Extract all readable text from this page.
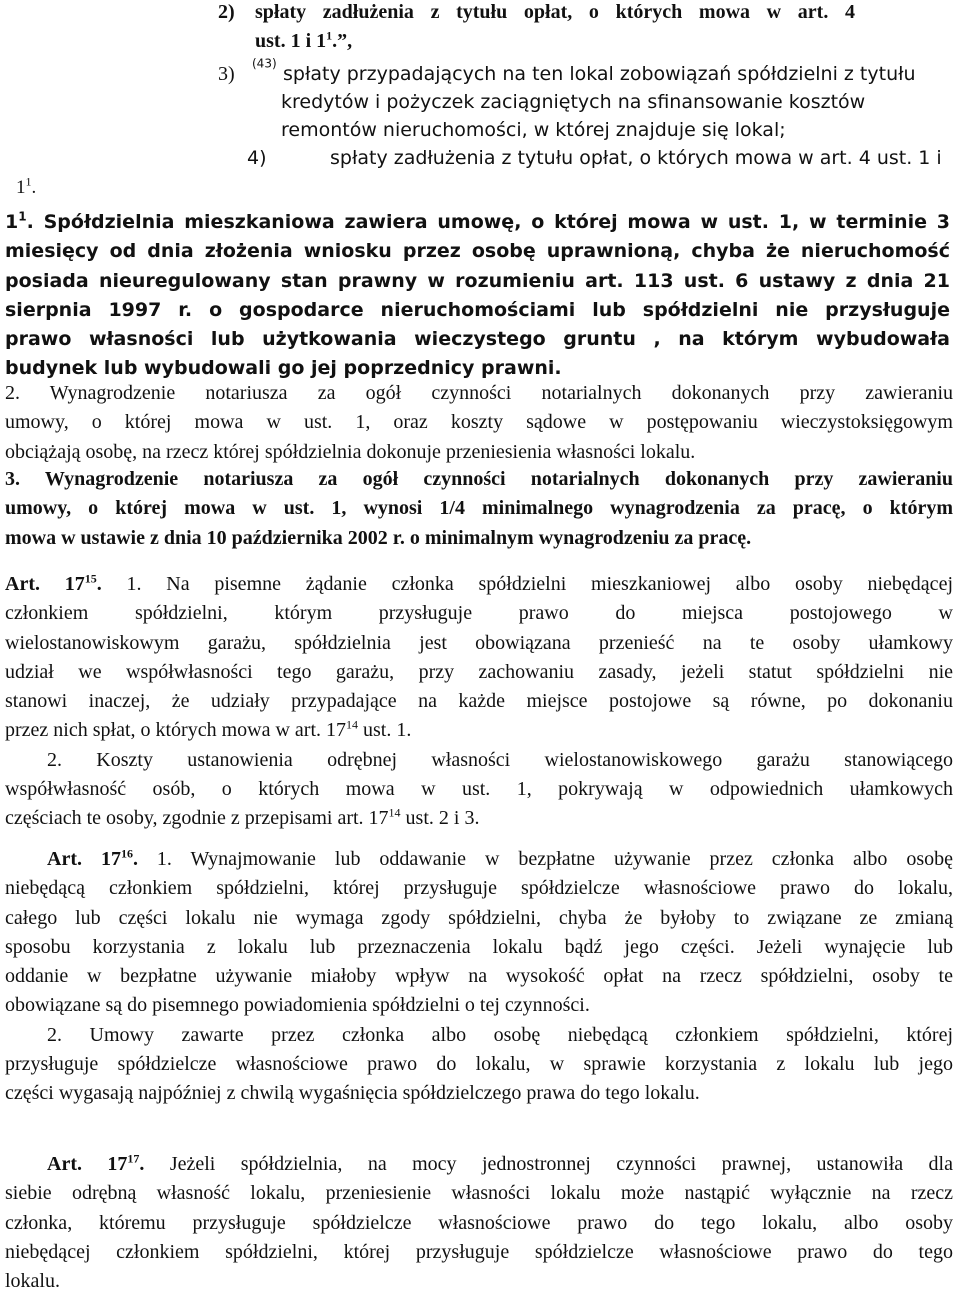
2) spłaty zadłużenia z tytułu opłat, o których mowa w art. 4
ust. 1 i $1^1$.”,
3) $^{(43)}$ spłaty przypadających na ten lokal zobowiązań spółdzielni z tytułu
kredytów i pożyczek zaciągniętych na sfinansowanie kosztów
remontów nieruchomości, w której znajduje się lokal;
4)	spłaty zadłużenia z tytułu opłat, o których mowa w art. 4 ust. 1 i
$1^1$.
$1^1$. Spółdzielnia mieszkaniowa zawiera umowę, o której mowa w ust. 1, w terminie 3
miesięcy od dnia złożenia wniosku przez osobę uprawnioną, chyba że nieruchomość
posiada nieuregulowany stan prawny w rozumieniu art. 113 ust. 6 ustawy z dnia 21
sierpnia 1997 r. o gospodarce nieruchomościami lub spółdzielni nie przysługuje
prawo własności lub użytkowania wieczystego gruntu , na którym wybudowała
budynek lub wybudowali go jej poprzednicy prawni.
2. Wynagrodzenie notariusza za ogół czynności notarialnych dokonanych przy zawieraniu
umowy, o której mowa w ust. 1, oraz koszty sądowe w postępowaniu wieczystoksięgowym
obciążają osobę, na rzecz której spółdzielnia dokonuje przeniesienia własności lokalu.
3. Wynagrodzenie notariusza za ogół czynności notarialnych dokonanych przy zawieraniu
umowy, o której mowa w ust. 1, wynosi 1/4 minimalnego wynagrodzenia za pracę, o którym
mowa w ustawie z dnia 10 października 2002 r. o minimalnym wynagrodzeniu za pracę.
Art. $17^{15}$. 1. Na pisemne żądanie członka spółdzielni mieszkaniowej albo osoby niebędącej
członkiem spółdzielni, którym przysługuje prawo do miejsca postojowego w
wielostanowiskowym garażu, spółdzielnia jest obowiązana przenieść na te osoby ułamkowy
udział we współwłasności tego garażu, przy zachowaniu zasady, jeżeli statut spółdzielni nie
stanowi inaczej, że udziały przypadające na każde miejsce postojowe są równe, po dokonaniu
przez nich spłat, o których mowa w art. $17^{14}$ ust. 1.
2. Koszty ustanowienia odrębnej własności wielostanowiskowego garażu stanowiącego
współwłasność osób, o których mowa w ust. 1, pokrywają w odpowiednich ułamkowych
częściach te osoby, zgodnie z przepisami art. $17^{14}$ ust. 2 i 3.
Art. $17^{16}$. 1. Wynajmowanie lub oddawanie w bezpłatne używanie przez członka albo osobę
niebędącą członkiem spółdzielni, której przysługuje spółdzielcze własnościowe prawo do lokalu,
całego lub części lokalu nie wymaga zgody spółdzielni, chyba że byłoby to związane ze zmianą
sposobu korzystania z lokalu lub przeznaczenia lokalu bądź jego części. Jeżeli wynajęcie lub
oddanie w bezpłatne używanie miałoby wpływ na wysokość opłat na rzecz spółdzielni, osoby te
obowiązane są do pisemnego powiadomienia spółdzielni o tej czynności.
2. Umowy zawarte przez członka albo osobę niebędącą członkiem spółdzielni, której
przysługuje spółdzielcze własnościowe prawo do lokalu, w sprawie korzystania z lokalu lub jego
części wygasają najpóźniej z chwilą wygaśnięcia spółdzielczego prawa do tego lokalu.
Art. $17^{17}$. Jeżeli spółdzielnia, na mocy jednostronnej czynności prawnej, ustanowiła dla
siebie odrębną własność lokalu, przeniesienie własności lokalu może nastąpić wyłącznie na rzecz
członka, któremu przysługuje spółdzielcze własnościowe prawo do tego lokalu, albo osoby
niebędącej członkiem spółdzielni, której przysługuje spółdzielcze własnościowe prawo do tego
lokalu.
